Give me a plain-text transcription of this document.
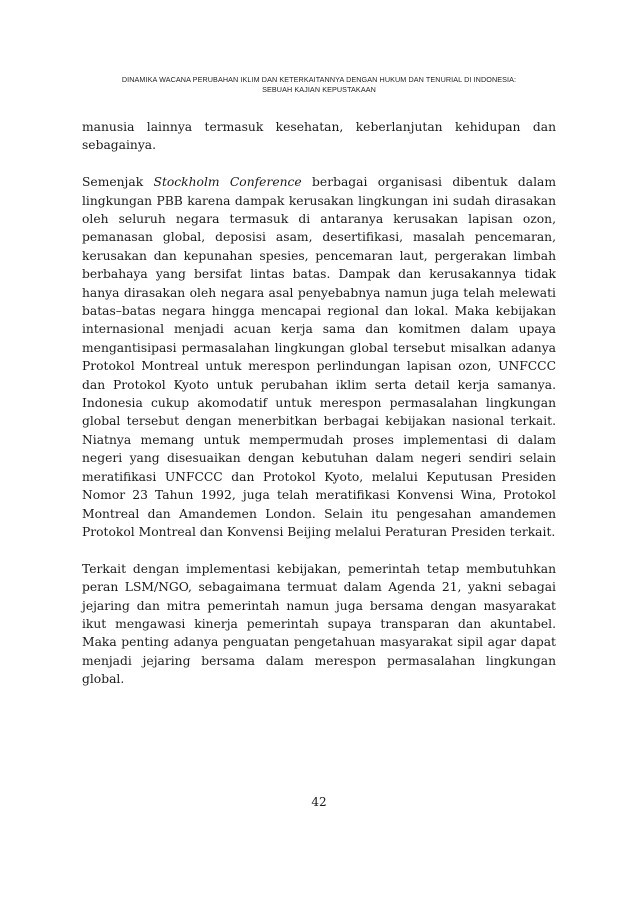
DINAMIKA WACANA PERUBAHAN IKLIM DAN KETERKAITANNYA DENGAN HUKUM DAN TENURIAL DI INDONESIA:
SEBUAH KAJIAN KEPUSTAKAAN

manusia lainnya termasuk kesehatan, keberlanjutan kehidupan dan sebagainya.

Semenjak Stockholm Conference berbagai organisasi dibentuk dalam lingkungan PBB karena dampak kerusakan lingkungan ini sudah dirasakan oleh seluruh negara termasuk di antaranya kerusakan lapisan ozon, pemanasan global, deposisi asam, desertifikasi, masalah pencemaran, kerusakan dan kepunahan spesies, pencemaran laut, pergerakan limbah berbahaya yang bersifat lintas batas. Dampak dan kerusakannya tidak hanya dirasakan oleh negara asal penyebabnya namun juga telah melewati batas–batas negara hingga mencapai regional dan lokal. Maka kebijakan internasional menjadi acuan kerja sama dan komitmen dalam upaya mengantisipasi permasalahan lingkungan global tersebut misalkan adanya Protokol Montreal untuk merespon perlindungan lapisan ozon, UNFCCC dan Protokol Kyoto untuk perubahan iklim serta detail kerja samanya. Indonesia cukup akomodatif untuk merespon permasalahan lingkungan global tersebut dengan menerbitkan berbagai kebijakan nasional terkait. Niatnya memang untuk mempermudah proses implementasi di dalam negeri yang disesuaikan dengan kebutuhan dalam negeri sendiri selain meratifikasi UNFCCC dan Protokol Kyoto, melalui Keputusan Presiden Nomor 23 Tahun 1992, juga telah meratifikasi Konvensi Wina, Protokol Montreal dan Amandemen London. Selain itu pengesahan amandemen Protokol Montreal dan Konvensi Beijing melalui Peraturan Presiden terkait.

Terkait dengan implementasi kebijakan, pemerintah tetap membutuhkan peran LSM/NGO, sebagaimana termuat dalam Agenda 21, yakni sebagai jejaring dan mitra pemerintah namun juga bersama dengan masyarakat ikut mengawasi kinerja pemerintah supaya transparan dan akuntabel. Maka penting adanya penguatan pengetahuan masyarakat sipil agar dapat menjadi jejaring bersama dalam merespon permasalahan lingkungan global.

42
